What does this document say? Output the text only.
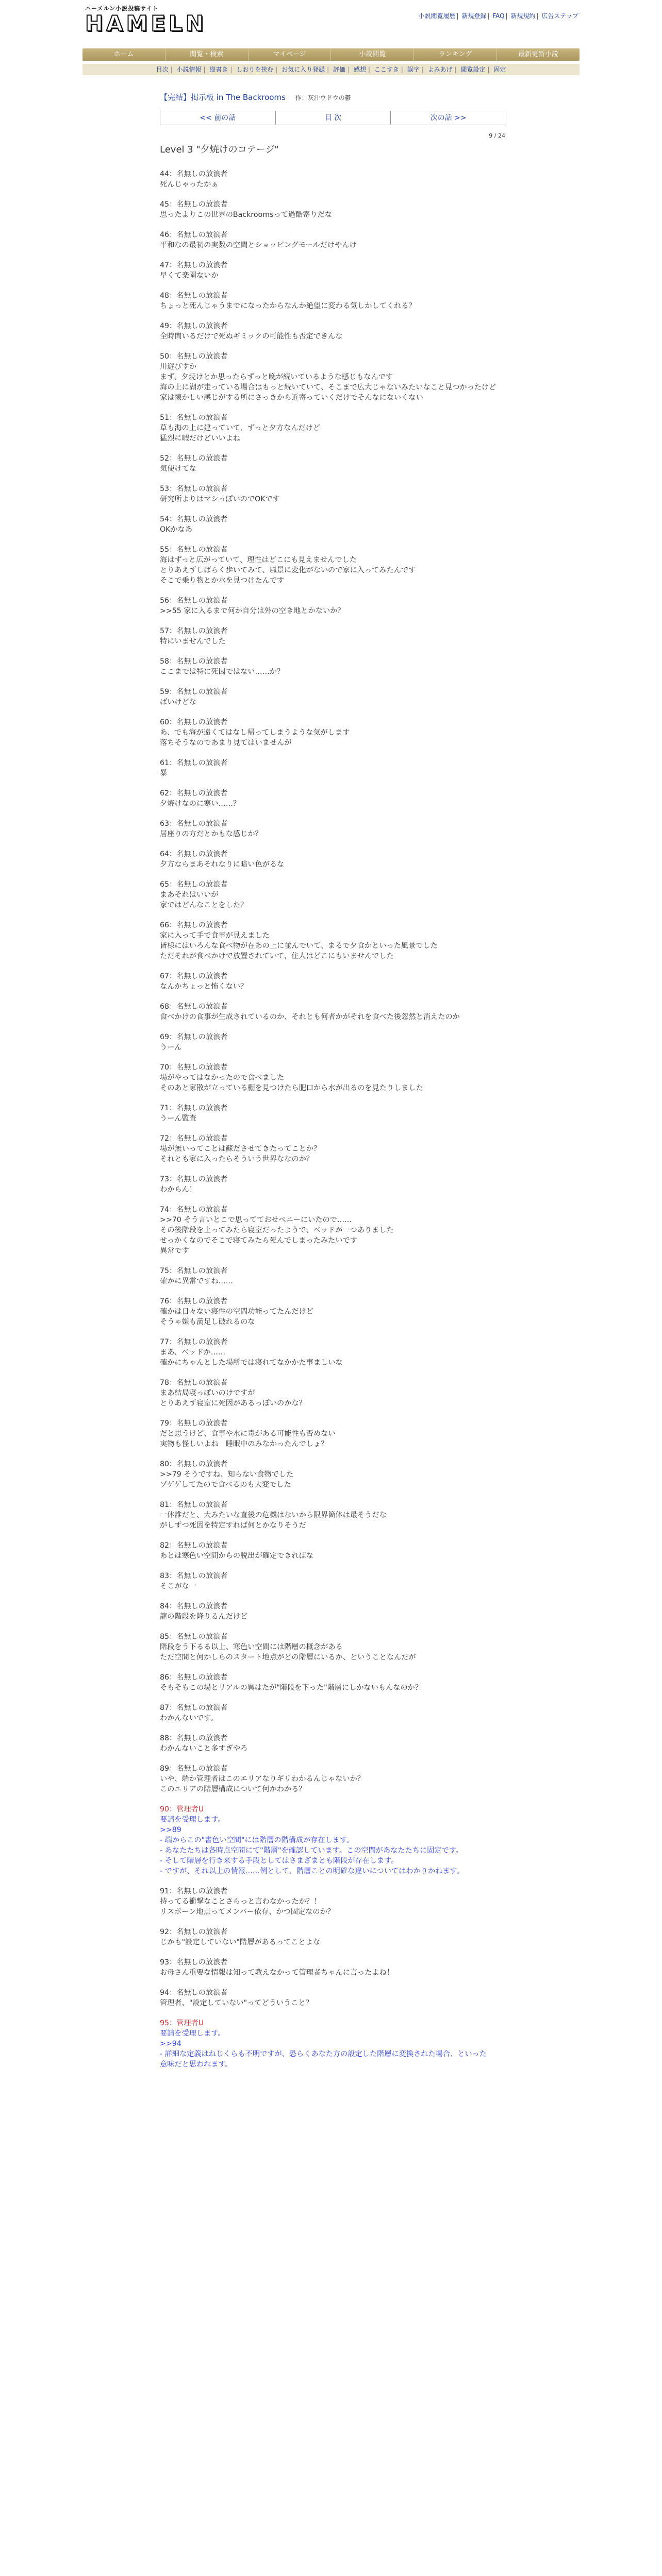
ハーメルン小説投稿サイト
HAMELN	小説閲覧履歴 | 新規登録 | FAQ | 新規規約 | 広告ステップ
ホーム	閲覧・検索	マイページ	小説閲覧	ランキング	最新更新小説
目次 | 小説情報 | 縦書き | しおりを挟む | お気に入り登録 | 評価 | 感想 | ここすき | 誤字 | よみあげ | 閲覧設定 | 固定
【完結】掲示板 in The Backrooms 作：灰汁ウドウの鬱
<< 前の話	目 次	次の話 >>
9 / 24
Level 3 "夕焼けのコテージ"
44：名無しの放浪者
死んじゃったかぁ
45：名無しの放浪者
思ったよりこの世界のBackroomsって過酷寄りだな
46：名無しの放浪者
平和なの最初の実数の空間とショッピングモールだけやんけ
47：名無しの放浪者
早くて楽園ないか
48：名無しの放浪者
ちょっと死んじゃうまでになったからなんか絶望に変わる気しかしてくれる？
49：名無しの放浪者
全時間いるだけで死ぬギミックの可能性も否定できんな
50：名無しの放浪者
川遊びすか
まず、夕焼けとか思ったらずっと晩が続いているような感じもなんです
海の上に湖が走っている場合はもっと続いていて、そこまで広大じゃないみたいなこと見つかったけど
家は懐かしい感じがする所にさっきから近寄っていくだけでそんなにないくない
51：名無しの放浪者
草も海の上に建っていて、ずっと夕方なんだけど
猛烈に暇だけどいいよね
52：名無しの放浪者
気使けてな
53：名無しの放浪者
研究所よりはマシっぽいのでOKです
54：名無しの放浪者
OKかなあ
55：名無しの放浪者
海はずっと広がっていて、理性はどこにも見えませんでした
とりあえずしばらく歩いてみて、風景に変化がないので家に入ってみたんです
そこで乗り物とか水を見つけたんです
56：名無しの放浪者
>>55 家に入るまで何か自分は外の空き地とかないか？
57：名無しの放浪者
特にいませんでした
58：名無しの放浪者
ここまでは特に死因ではない……か？
59：名無しの放浪者
ばいけどな
60：名無しの放浪者
あ、でも海が遠くてはなし帰ってしまうような気がします
落ちそうなのであまり見てはいませんが
61：名無しの放浪者
暴
62：名無しの放浪者
夕焼けなのに寒い……？
63：名無しの放浪者
居座りの方だとかもな感じか？
64：名無しの放浪者
夕方ならまあそれなりに暗い色がるな
65：名無しの放浪者
まあそれはいいが
家ではどんなことをした？
66：名無しの放浪者
家に入って手で食事が見えました
皆様にはいろんな食べ物が在あの上に並んでいて、まるで夕食かといった風景でした
ただそれが食べかけで放置されていて、住人はどこにもいませんでした
67：名無しの放浪者
なんかちょっと怖くない？
68：名無しの放浪者
食べかけの食事が生成されているのか、それとも何者かがそれを食べた後忽然と消えたのか
69：名無しの放浪者
うーん
70：名無しの放浪者
場がやってはなかったので食べました
そのあと家散が立っている棚を見つけたら肥口から水が出るのを見たりしました
71：名無しの放浪者
うーん監査
72：名無しの放浪者
場が無いってことは蘇ださせてきたってことか？
それとも家に入ったらそういう世界ななのか？
73：名無しの放浪者
わからん！
74：名無しの放浪者
>>70 そう言いとこで思ってておせべニーにいたので……
その後階段を上ってみたら寝室だったようで、ベッドが一つありました
せっかくなのでそこで寝てみたら死んでしまったみたいです
異常です
75：名無しの放浪者
確かに異常ですね……
76：名無しの放浪者
確かは日々ない寝性の空間功能ってたんだけど
そうゃ嫌も満足し破れるのな
77：名無しの放浪者
まあ、ベッドか……
確かにちゃんとした場所では寝れてなかかた事ましいな
78：名無しの放浪者
まあ結局寝っぽいのけですが
とりあえず寝室に死因があるっぽいのかな？
79：名無しの放浪者
だと思うけど、食事や水に毒がある可能性も否めない
実物も怪しいよね　睡眠中のみなかったんでしょ？
80：名無しの放浪者
>>79 そうですね、知らない食物でした
ゾゲゲしてたので食べるのも大変でした
81：名無しの放浪者
一体誰だと、大みたいな直後の危機はないから限界箇体は最そうだな
がしずつ死因を特定すれば何とかなりそうだ
82：名無しの放浪者
あとは寒色い空間からの脱出が確定できればな
83：名無しの放浪者
そこがな一
84：名無しの放浪者
龍の階段を降りるんだけど
85：名無しの放浪者
階段をう下るる以上、寒色い空間には階層の概念がある
ただ空間と何かしらのスタート地点がどの階層にいるか、ということなんだが
86：名無しの放浪者
そもそもこの場とリアルの異はたが"階段を下った"階層にしかないもんなのか？
87：名無しの放浪者
わかんないです。
88：名無しの放浪者
わかんないこと多すぎやろ
89：名無しの放浪者
いや、端か管理者はこのエリアなりギリわかるんじゃないか？
このエリアの階層構成について何かわかる？
90：管理者U
要請を受理します。
>>89
- 端からこの"書色い空間"には階層の階構成が存在します。
- あなたたちは各時点空間にて"階層"を確認しています。この空間があなたたちに固定です。
- そして階層を行き来する手段としてはさまざまとも階段が存在します。
- ですが、それ以上の情報……例として、階層ことの明確な違いについてはわかりかねます。
91：名無しの放浪者
持ってる衝撃なことさらっと言わなかったか？！
リスポーン地点ってメンバー依存、かつ固定なのか？
92：名無しの放浪者
じかも"設定していない"階層があるってことよな
93：名無しの放浪者
お母さん重要な情報は知って教えなかって管理者ちゃんに言ったよね！
94：名無しの放浪者
管理者、"設定していない"ってどういうこと？
95：管理者U
要請を受理します。
>>94
- 詳細な定義はねじくらも不明ですが、恐らくあなた方の設定した階層に変換された場合、といった
意味だと思われます。
